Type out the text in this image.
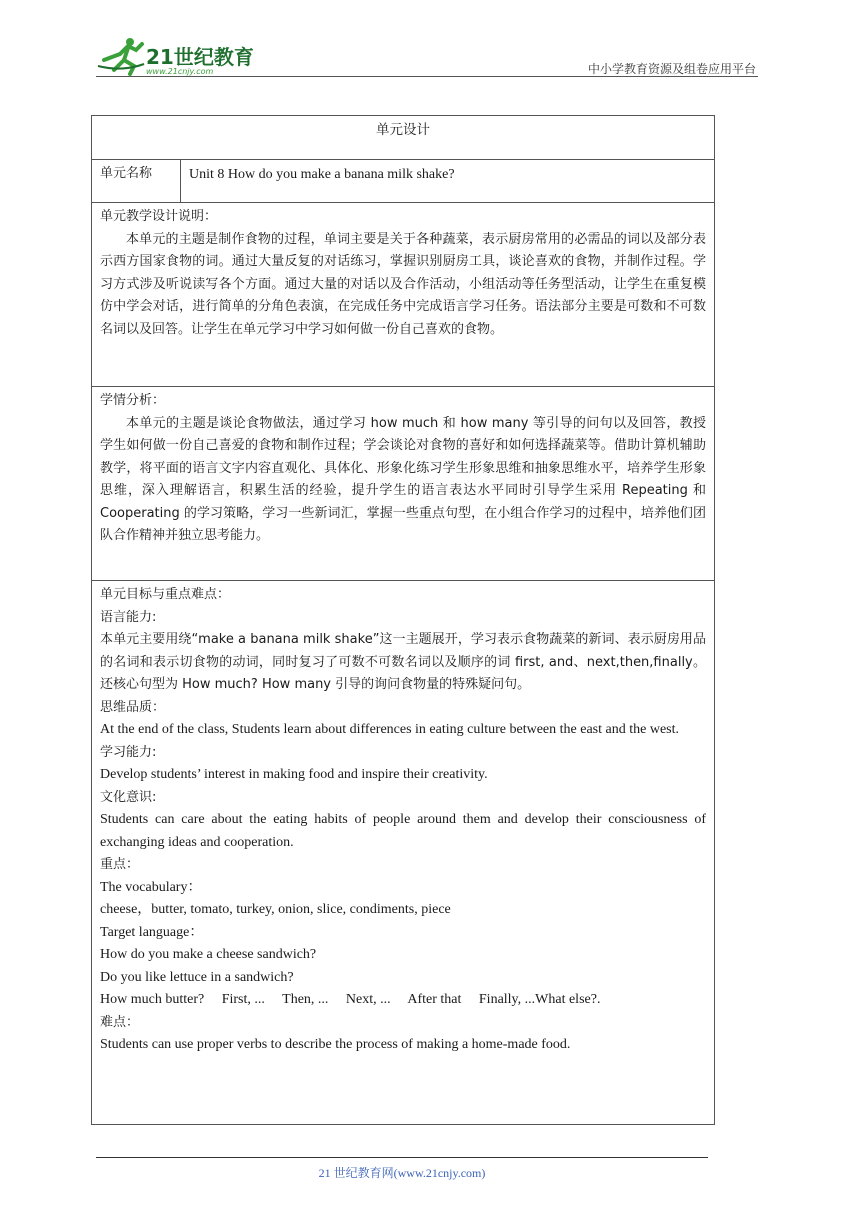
21世纪教育
www.21cnjy.com	中小学教育资源及组卷应用平台
单元设计
单元名称	Unit 8 How do you make a banana milk shake?

单元教学设计说明：

本单元的主题是制作食物的过程，单词主要是关于各种蔬菜，表示厨房常用的必需品的词以及部分表示西方国家食物的词。通过大量反复的对话练习，掌握识别厨房工具，谈论喜欢的食物，并制作过程。学习方式涉及听说读写各个方面。通过大量的对话以及合作活动，小组活动等任务型活动，让学生在重复模仿中学会对话，进行简单的分角色表演，在完成任务中完成语言学习任务。语法部分主要是可数和不可数名词以及回答。让学生在单元学习中学习如何做一份自己喜欢的食物。

学情分析：

本单元的主题是谈论食物做法，通过学习 how much 和 how many 等引导的问句以及回答，教授学生如何做一份自己喜爱的食物和制作过程；学会谈论对食物的喜好和如何选择蔬菜等。借助计算机辅助教学，将平面的语言文字内容直观化、具体化、形象化练习学生形象思维和抽象思维水平，培养学生形象思维，深入理解语言，积累生活的经验，提升学生的语言表达水平同时引导学生采用 Repeating 和 Cooperating 的学习策略，学习一些新词汇，掌握一些重点句型，在小组合作学习的过程中，培养他们团队合作精神并独立思考能力。

单元目标与重点难点：

语言能力:

本单元主要用绕“make a banana milk shake”这一主题展开，学习表示食物蔬菜的新词、表示厨房用品的名词和表示切食物的动词，同时复习了可数不可数名词以及顺序的词 first, and、next,then,finally。还核心句型为 How much? How many 引导的询问食物量的特殊疑问句。

思维品质：

At the end of the class, Students learn about differences in eating culture between the east and the west.

学习能力:

Develop students’ interest in making food and inspire their creativity.

文化意识:

Students can care about the eating habits of people around them and develop their consciousness of exchanging ideas and cooperation.

重点：

The vocabulary：

cheese，butter, tomato, turkey, onion, slice, condiments, piece

Target language：

How do you make a cheese sandwich?

Do you like lettuce in a sandwich?

How much butter? First, ... Then, ... Next, ... After that Finally, ...What else?.

难点：

Students can use proper verbs to describe the process of making a home-made food.

21 世纪教育网(www.21cnjy.com)
